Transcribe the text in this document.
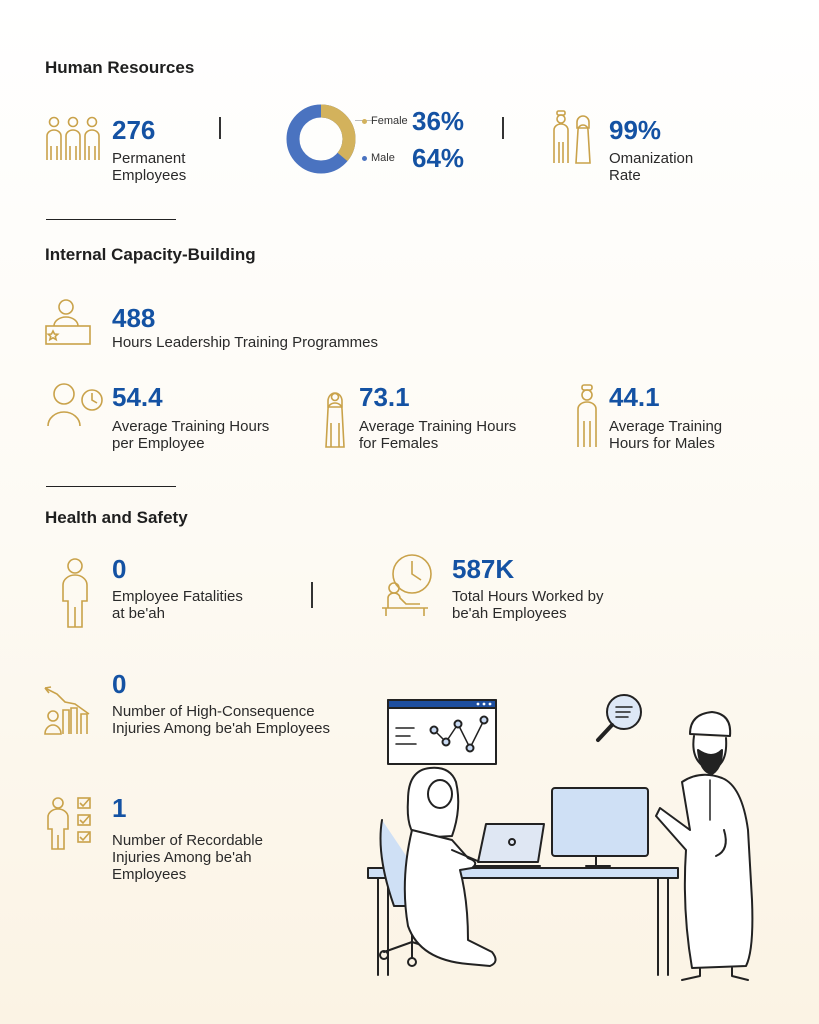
Human Resources
276
Permanent Employees
Female
Male
36%
64%
99%
Omanization Rate
Internal Capacity-Building
488
Hours Leadership Training Programmes
54.4
Average Training Hours per Employee
73.1
Average Training Hours for Females
44.1
Average Training Hours for Males
Health and Safety
0
Employee Fatalities at be'ah
587K
Total Hours Worked by be'ah Employees
0
Number of High-Consequence Injuries Among be'ah Employees
1
Number of Recordable Injuries Among be'ah Employees
